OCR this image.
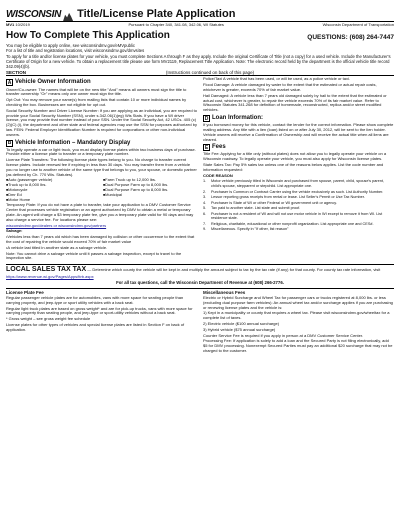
WISCONSIN	Title/License Plate Application
MV1 10/2019	Pursuant to Chapter 340, 341.08, 342.06, WI Statutes	Wisconsin Department of Transportation
How To Complete This Application	QUESTIONS: (608) 264-7447

You may be eligible to apply online, see wisconsindmv.gov/eMVpublic

For a list of title and registration locations, visit wisconsindmv.gov/dmvsites

To apply for a title and/or license plates for your vehicle, you must complete Sections A through F as they apply. Include the original Certificate of Title (not a copy) for a used vehicle. Include the Manufacturer's Certificate of Origin for a new vehicle. To obtain a replacement title please use form MV2119, Replacement Title Application. Note: The electronic record held by the department is the official vehicle title record 342.09(4)(b).

SECTION	(Instructions continued on back of this page)
A Vehicle Owner Information

Owner/Co-owner: The names that will be on the new title "And" means all owners must sign the title to transfer ownership "Or" means only one owner must sign the title.

Opt Out: You may remove your name(s) from mailing lists that contain 10 or more individual names by checking the box. Businesses are not eligible for opt out.

Social Security Number and Driver License Number: If you are applying as an individual, you are required to provide your Social Security Number (SSN), under s.342.06(1)(eg) Wis Stats. If you have a WI driver license, you may provide that number instead of your SSN. Under the Social Security Act, 42 USCs. 405 (c)(2)(C) (i), the department and other state and federal agencies may use the SSN for purposes authorized by law. FEIN: Federal Employer Identification Number is required for corporations or other non-individual owners.

B Vehicle Information – Mandatory Display

To legally operate a car or light truck, you must display license plates within two business days of purchase. Provide either a license plate to transfer or a temporary plate number.

License Plate Transfers: The following license plate types belong to you. No charge to transfer current license plates. Include renewal fee if expiring in less than 30 days. You may transfer them from a vehicle you no longer use to another vehicle of the same type that belongs to you, your spouse, or domestic partner (as defined by Ch. 770 Wis. Statutes).

■ Auto (passenger vehicle)	■ Farm Truck up to 12,000 lbs.
■ Truck up to 8,000 lbs.	■ Dual Purpose Farm up to 8,000 lbs.
■ Motorcycle	■ Dual Purpose Farm up to 8,000 lbs.
■ Dmr Ed	■ Municipal
■ Motor Home

Temporary Plate: If you do not have a plate to transfer, take your application to a DMV Customer Service Center that processes vehicle registration or an agent authorized by DMV to obtain a metal or temporary plate. An agent will charge a $3 temporary plate fee, give you a temporary plate valid for 90 days and may also charge a service fee. For locations please see:

wisconsindmv.gov/dealers or wisconsindmv.gov/partners

Salvage:

• Vehicles less than 7 years old which has been damaged by collision or other occurrence to the extent that the cost of repairing the vehicle would exceed 70% of fair market value

• A vehicle last titled in another state as a salvage vehicle.

Note: You cannot drive a salvage vehicle until it passes a salvage inspection, except to travel to the inspection site.

Police/Taxi A vehicle that has been used, or will be used, as a police vehicle or taxi.

Flood Damage: A vehicle damaged by water to the extent that the estimated or actual repair costs, whichever is greater, exceeds 70% of fair market value.

Hail Damaged: A vehicle less than 7 years old damaged solely by hail to the extent that the estimated or actual cost, whichever is greater, to repair the vehicle exceeds 70% of its fair market value. Refer to Wisconsin Statutes 341.268 for definition of homemade, reconstructed, replica and/or street modified vehicles.

D Loan Information:

If you borrowed money for this vehicle, contact the lender for the correct information. Please show complete mailing address. Any title with a lien (loan) listed on or after July 30, 2012, will be sent to the lien holder. Vehicle owners will receive a Confirmation of Ownership and will receive the actual title when all liens are cleared.

E Fees

Title Fee: Applying for a title only (without plates) does not allow you to legally operate your vehicle on a Wisconsin roadway. To legally operate your vehicle, you must also apply for Wisconsin license plates.

State Sales Tax: Pay 5% sales tax unless one of the reasons below applies. List the code number and information requested:

CODE REASON

1.	Motor vehicle previously titled in Wisconsin and purchased from spouse, parent, child, spouse's parent, child's spouse, stepparent or stepchild. List appropriate one.
2.	Purchaser is Common or Contract Carrier using the vehicle exclusively as such. List Authority Number.
3.	Lessor reporting gross receipts from rental or lease. List Seller's Permit or Use Tax Number.
4.	Purchaser is State of WI or other Federal or WI government unit or agency.
5.	Tax paid to another state. List state and submit proof.
6.	Purchaser is not a resident of WI and will not use motor vehicle in WI except to remove it from WI. List residence state.
7.	Religious, charitable, educational or other nonprofit organization. List appropriate one and CES#.
9.	Miscellaneous. Specify in "If other, list reason"
LOCAL SALES TAX TAX — Determine which county the vehicle will be kept in and multiply the amount subject to tax by the tax rate (if any) for that county. For county tax rate information, visit https://www.revenue.wi.gov/Pages/Apps/ttrb.aspx
For all tax questions, call the Wisconsin Department of Revenue at (608) 266-2776.
License Plate Fee

Regular passenger vehicle plates are for automobiles, vans with more space for seating people than carrying property, and jeep-type or sport utility vehicles with a back seat.

Regular light truck plates are based on gross weight* and are for pick-up trucks, vans with more space for carrying property than seating people, and jeep-type or sport-utility vehicles without a back seat.

* Gross weight – see gross weight fee schedule

License plates for other types of vehicles and special license plates are listed in Section F on back of application.

Miscellaneous Fees

Electric or Hybrid Surcharge and Wheel Tax for passenger cars or trucks registered at 8,000 lbs. or less (excluding dual purpose farm vehicles): An annual wheel tax and/or surcharge applies if you are purchasing or renewing license plates and the vehicle is:

1) Kept in a municipality or county that requires a wheel tax. Please visit wisconsindmv.gov/wheeltax for a complete list of taxes.

2) Electric vehicle ($100 annual surcharge)

3) Hybrid vehicle ($75 annual surcharge)

Counter Service Fee is required if you apply in person at a DMV Customer Service Center.

Processing Fee: If application is solely to add a loan and the Secured Party is not filing electronically, add $5 for DMV processing. Nonexempt Secured Parties must pay an additional $20 surcharge that may not be charged to the customer.
